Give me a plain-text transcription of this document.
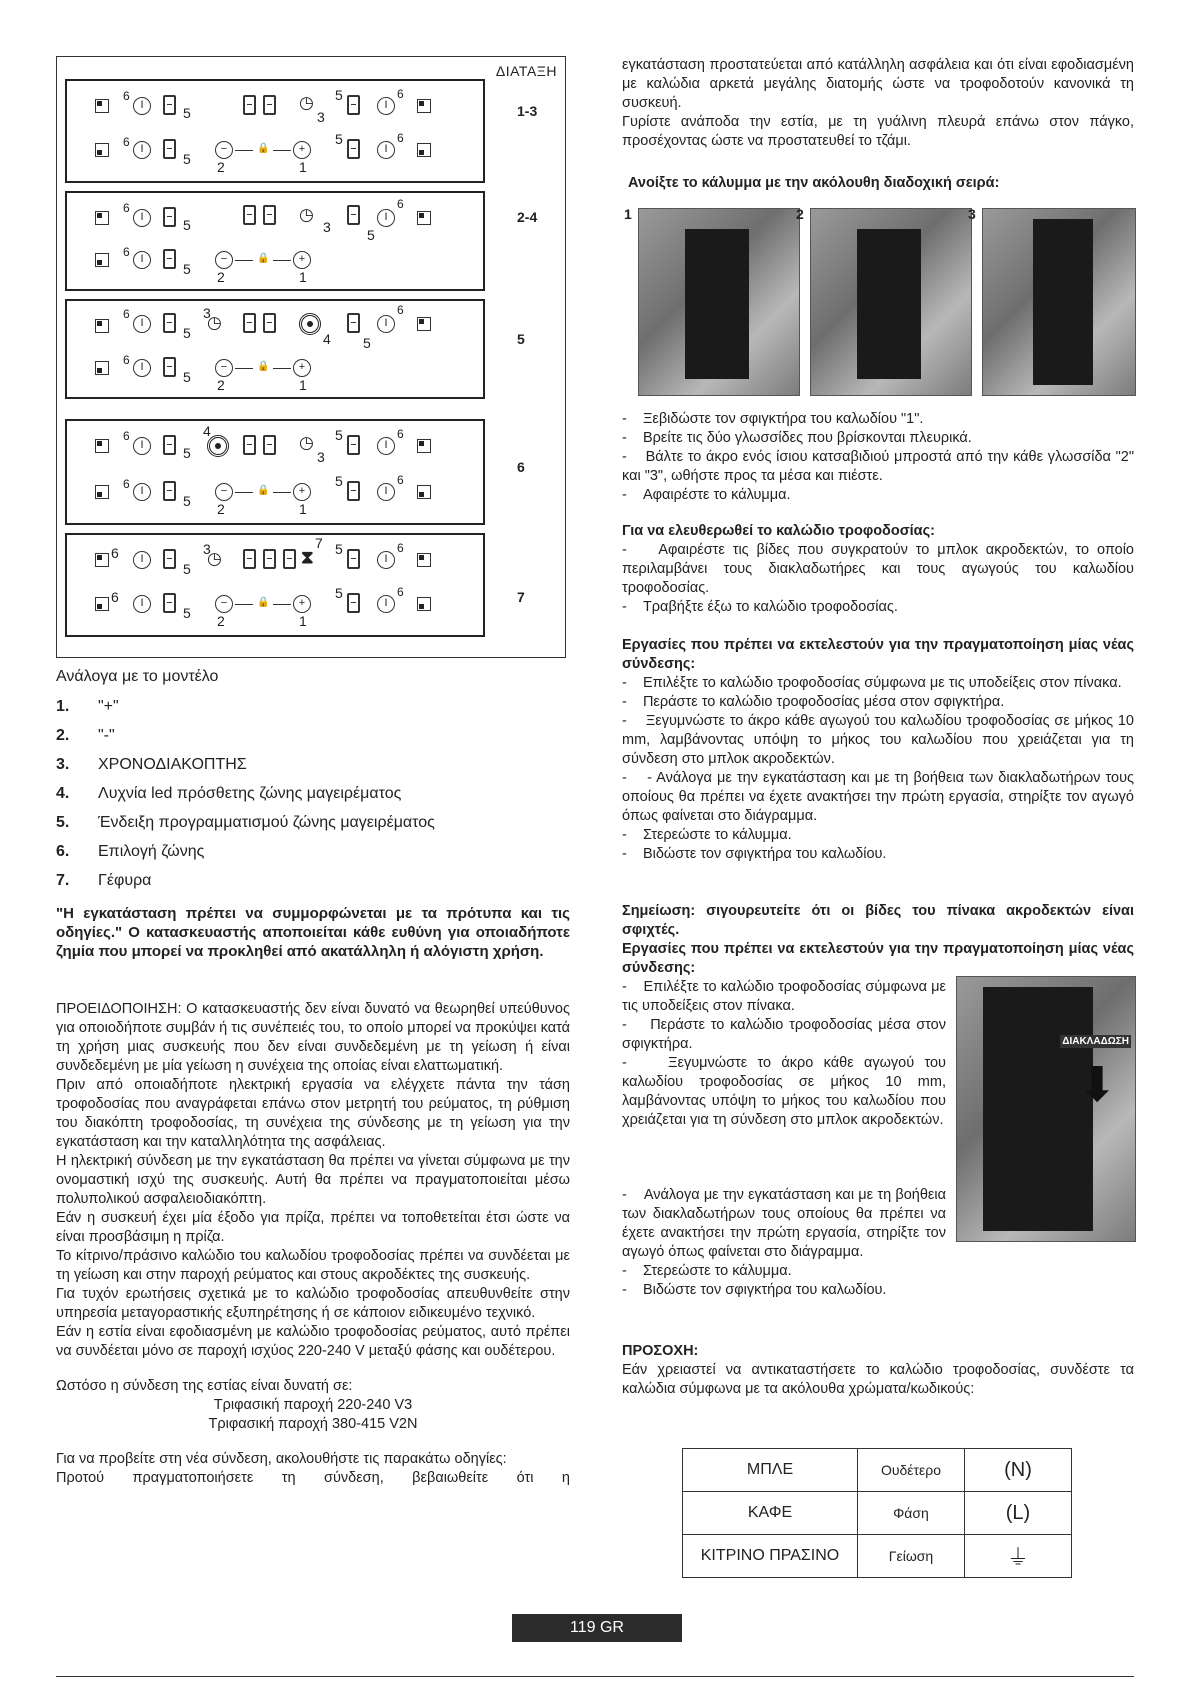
ΔΙΑΤΑΞΗ
6
I	5
◷
3
5
I
6
6 I
5
−	🔒	+
2	1
5
I
6
1-3
6
I	5
◷
3	5
I
6
6 I
5
−	🔒	+
2	1
2-4
6
I
5
3
◷
4 5
I
6
6 I
5
−	🔒	+
2	1
5
6
I	5
4
◷
3
5
I
6
6 I
5
−	🔒	+
2	1
5
I
6
6
6	I
5
3
◷	⧗
7 5
I
6
6	I
5
−	🔒	+
2	1
5
I
6	7
Ανάλογα με το μοντέλο
1. "+"
2. "-"
3. ΧΡΟΝΟΔΙΑΚΟΠΤΗΣ
4. Λυχνία led πρόσθετης ζώνης μαγειρέματος
5. Ένδειξη προγραμματισμού ζώνης μαγειρέματος
6. Επιλογή ζώνης
7. Γέφυρα
"Η εγκατάσταση πρέπει να συμμορφώνεται με τα πρότυπα και τις οδηγίες." Ο κατασκευαστής αποποιείται κάθε ευθύνη για οποιαδήποτε ζημία που μπορεί να προκληθεί από ακατάλληλη ή αλόγιστη χρήση.
ΠΡΟΕΙΔΟΠΟΙΗΣΗ: Ο κατασκευαστής δεν είναι δυνατό να θεωρηθεί υπεύθυνος για οποιοδήποτε συμβάν ή τις συνέπειές του, το οποίο μπορεί να προκύψει κατά τη χρήση μιας συσκευής που δεν είναι συνδεδεμένη με τη γείωση ή είναι συνδεδεμένη με μία γείωση η συνέχεια της οποίας είναι ελαττωματική.
Πριν από οποιαδήποτε ηλεκτρική εργασία να ελέγχετε πάντα την τάση τροφοδοσίας που αναγράφεται επάνω στον μετρητή του ρεύματος, τη ρύθμιση του διακόπτη τροφοδοσίας, τη συνέχεια της σύνδεσης με τη γείωση για την εγκατάσταση και την καταλληλότητα της ασφάλειας.
Η ηλεκτρική σύνδεση με την εγκατάσταση θα πρέπει να γίνεται σύμφωνα με την ονομαστική ισχύ της συσκευής. Αυτή θα πρέπει να πραγματοποιείται μέσω πολυπολικού ασφαλειοδιακόπτη.
Εάν η συσκευή έχει μία έξοδο για πρίζα, πρέπει να τοποθετείται έτσι ώστε να είναι προσβάσιμη η πρίζα.
Το κίτρινο/πράσινο καλώδιο του καλωδίου τροφοδοσίας πρέπει να συνδέεται με τη γείωση και στην παροχή ρεύματος και στους ακροδέκτες της συσκευής.
Για τυχόν ερωτήσεις σχετικά με το καλώδιο τροφοδοσίας απευθυνθείτε στην υπηρεσία μεταγοραστικής εξυπηρέτησης ή σε κάποιον ειδικευμένο τεχνικό.
Εάν η εστία είναι εφοδιασμένη με καλώδιο τροφοδοσίας ρεύματος, αυτό πρέπει να συνδέεται μόνο σε παροχή ισχύος 220-240 V μεταξύ φάσης και ουδέτερου.
Ωστόσο η σύνδεση της εστίας είναι δυνατή σε:
Τριφασική παροχή 220-240 V3
Τριφασική παροχή 380-415 V2N
Για να προβείτε στη νέα σύνδεση, ακολουθήστε τις παρακάτω οδηγίες:
Προτού πραγματοποιήσετε τη σύνδεση, βεβαιωθείτε ότι η
εγκατάσταση προστατεύεται από κατάλληλη ασφάλεια και ότι είναι εφοδιασμένη με καλώδια αρκετά μεγάλης διατομής ώστε να τροφοδοτούν κανονικά τη συσκευή.
Γυρίστε ανάποδα την εστία, με τη γυάλινη πλευρά επάνω στον πάγκο, προσέχοντας ώστε να προστατευθεί το τζάμι.
Ανοίξτε το κάλυμμα με την ακόλουθη διαδοχική σειρά:
1	2	3
-    Ξεβιδώστε τον σφιγκτήρα του καλωδίου "1".
-    Βρείτε τις δύο γλωσσίδες που βρίσκονται πλευρικά.
-    Βάλτε το άκρο ενός ίσιου κατσαβιδιού μπροστά από την κάθε γλωσσίδα "2" και "3", ωθήστε προς τα μέσα και πιέστε.
-    Αφαιρέστε το κάλυμμα.
Για να ελευθερωθεί το καλώδιο τροφοδοσίας:
-    Αφαιρέστε τις βίδες που συγκρατούν το μπλοκ ακροδεκτών, το οποίο περιλαμβάνει τους διακλαδωτήρες και τους αγωγούς του καλωδίου τροφοδοσίας.
-    Τραβήξτε έξω το καλώδιο τροφοδοσίας.
Εργασίες που πρέπει να εκτελεστούν για την πραγματοποίηση μίας νέας σύνδεσης:
-    Επιλέξτε το καλώδιο τροφοδοσίας σύμφωνα με τις υποδείξεις στον πίνακα.
-    Περάστε το καλώδιο τροφοδοσίας μέσα στον σφιγκτήρα.
-    Ξεγυμνώστε το άκρο κάθε αγωγού του καλωδίου τροφοδοσίας σε μήκος 10 mm, λαμβάνοντας υπόψη το μήκος του καλωδίου που χρειάζεται για τη σύνδεση στο μπλοκ ακροδεκτών.
-    - Ανάλογα με την εγκατάσταση και με τη βοήθεια των διακλαδωτήρων τους οποίους θα πρέπει να έχετε ανακτήσει την πρώτη εργασία, στηρίξτε τον αγωγό όπως φαίνεται στο διάγραμμα.
-    Στερεώστε το κάλυμμα.
-    Βιδώστε τον σφιγκτήρα του καλωδίου.
Σημείωση: σιγουρευτείτε ότι οι βίδες του πίνακα ακροδεκτών είναι σφιχτές.
Εργασίες που πρέπει να εκτελεστούν για την πραγματοποίηση μίας νέας σύνδεσης:
-    Επιλέξτε το καλώδιο τροφοδοσίας σύμφωνα με τις υποδείξεις στον πίνακα.
-    Περάστε το καλώδιο τροφοδοσίας μέσα στον σφιγκτήρα.
-    Ξεγυμνώστε το άκρο κάθε αγωγού του καλωδίου τροφοδοσίας σε μήκος 10 mm, λαμβάνοντας υπόψη το μήκος του καλωδίου που χρειάζεται για τη σύνδεση στο μπλοκ ακροδεκτών.
ΔΙΑΚΛΑΔΩΣΗ
⬇
-    Ανάλογα με την εγκατάσταση και με τη βοήθεια των διακλαδωτήρων τους οποίους θα πρέπει να έχετε ανακτήσει την πρώτη εργασία, στηρίξτε τον αγωγό όπως φαίνεται στο διάγραμμα.
-    Στερεώστε το κάλυμμα.
-    Βιδώστε τον σφιγκτήρα του καλωδίου.
ΠΡΟΣΟΧΗ:
Εάν χρειαστεί να αντικαταστήσετε το καλώδιο τροφοδοσίας, συνδέστε τα καλώδια σύμφωνα με τα ακόλουθα χρώματα/κωδικούς:
ΜΠΛΕ	Ουδέτερο	(N)
ΚΑΦΕ	Φάση	(L)
ΚΙΤΡΙΝΟ ΠΡΑΣΙΝΟ	Γείωση	⏚
119 GR
